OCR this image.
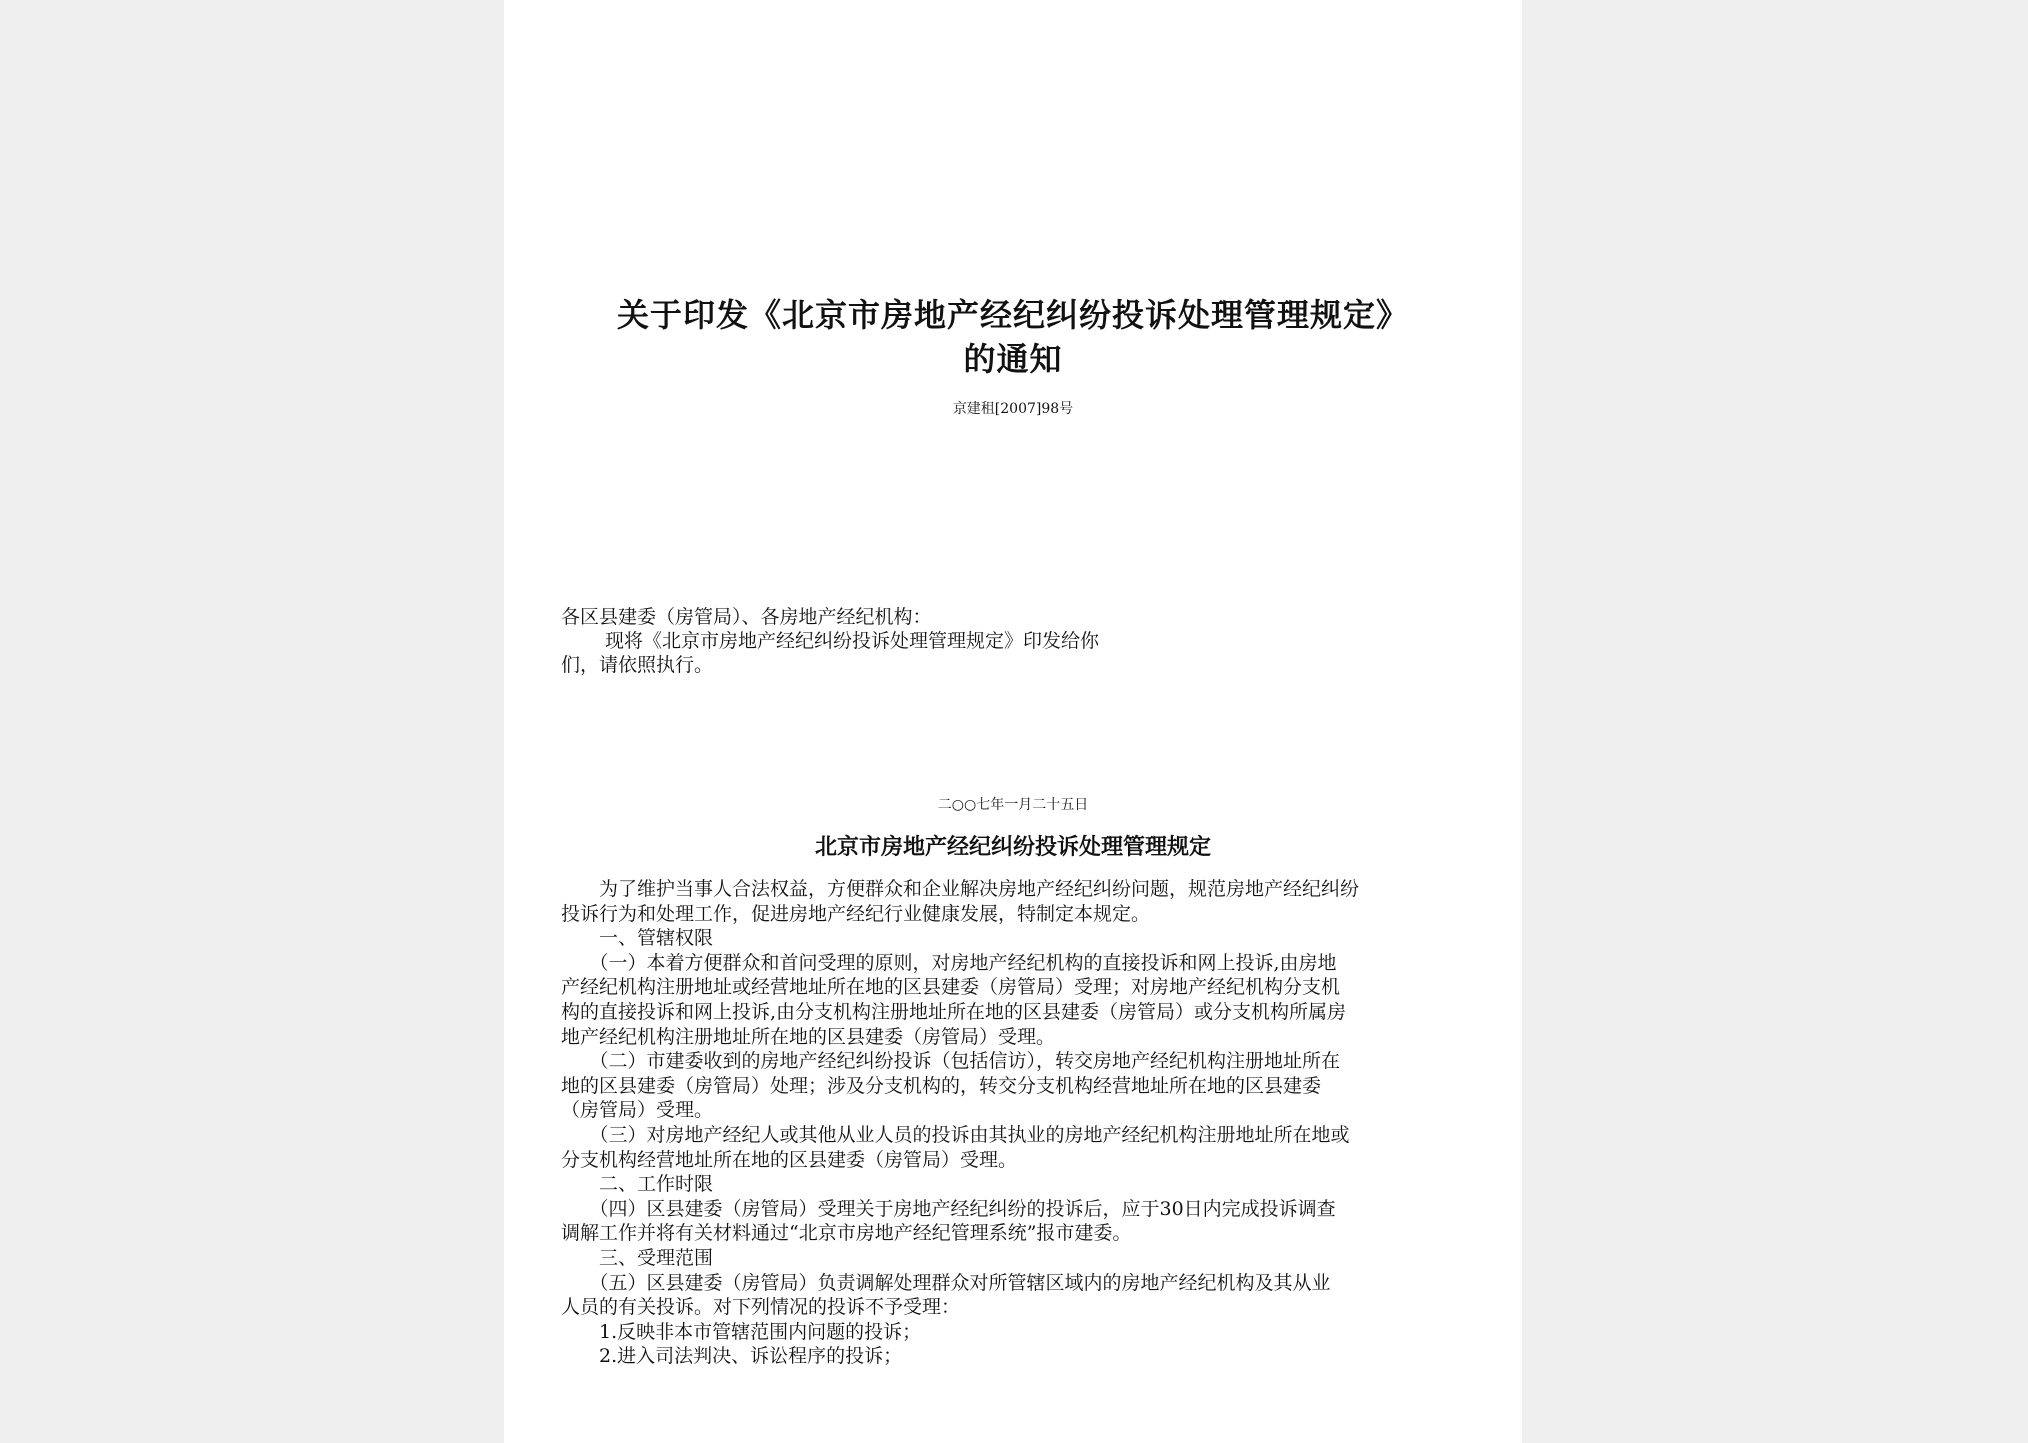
关于印发《北京市房地产经纪纠纷投诉处理管理规定》
的通知
京建租[2007]98号
各区县建委（房管局）、各房地产经纪机构：
现将《北京市房地产经纪纠纷投诉处理管理规定》印发给你
们，请依照执行。
二○○七年一月二十五日
北京市房地产经纪纠纷投诉处理管理规定
　　为了维护当事人合法权益，方便群众和企业解决房地产经纪纠纷问题，规范房地产经纪纠纷
投诉行为和处理工作，促进房地产经纪行业健康发展，特制定本规定。
　　一、管辖权限
　　（一）本着方便群众和首问受理的原则，对房地产经纪机构的直接投诉和网上投诉,由房地
产经纪机构注册地址或经营地址所在地的区县建委（房管局）受理；对房地产经纪机构分支机
构的直接投诉和网上投诉,由分支机构注册地址所在地的区县建委（房管局）或分支机构所属房
地产经纪机构注册地址所在地的区县建委（房管局）受理。
　　（二）市建委收到的房地产经纪纠纷投诉（包括信访），转交房地产经纪机构注册地址所在
地的区县建委（房管局）处理；涉及分支机构的，转交分支机构经营地址所在地的区县建委
（房管局）受理。
　　（三）对房地产经纪人或其他从业人员的投诉由其执业的房地产经纪机构注册地址所在地或
分支机构经营地址所在地的区县建委（房管局）受理。
　　二、工作时限
　　（四）区县建委（房管局）受理关于房地产经纪纠纷的投诉后，应于30日内完成投诉调查
调解工作并将有关材料通过“北京市房地产经纪管理系统”报市建委。
　　三、受理范围
　　（五）区县建委（房管局）负责调解处理群众对所管辖区域内的房地产经纪机构及其从业
人员的有关投诉。对下列情况的投诉不予受理：
　　1.反映非本市管辖范围内问题的投诉；
　　2.进入司法判决、诉讼程序的投诉；
